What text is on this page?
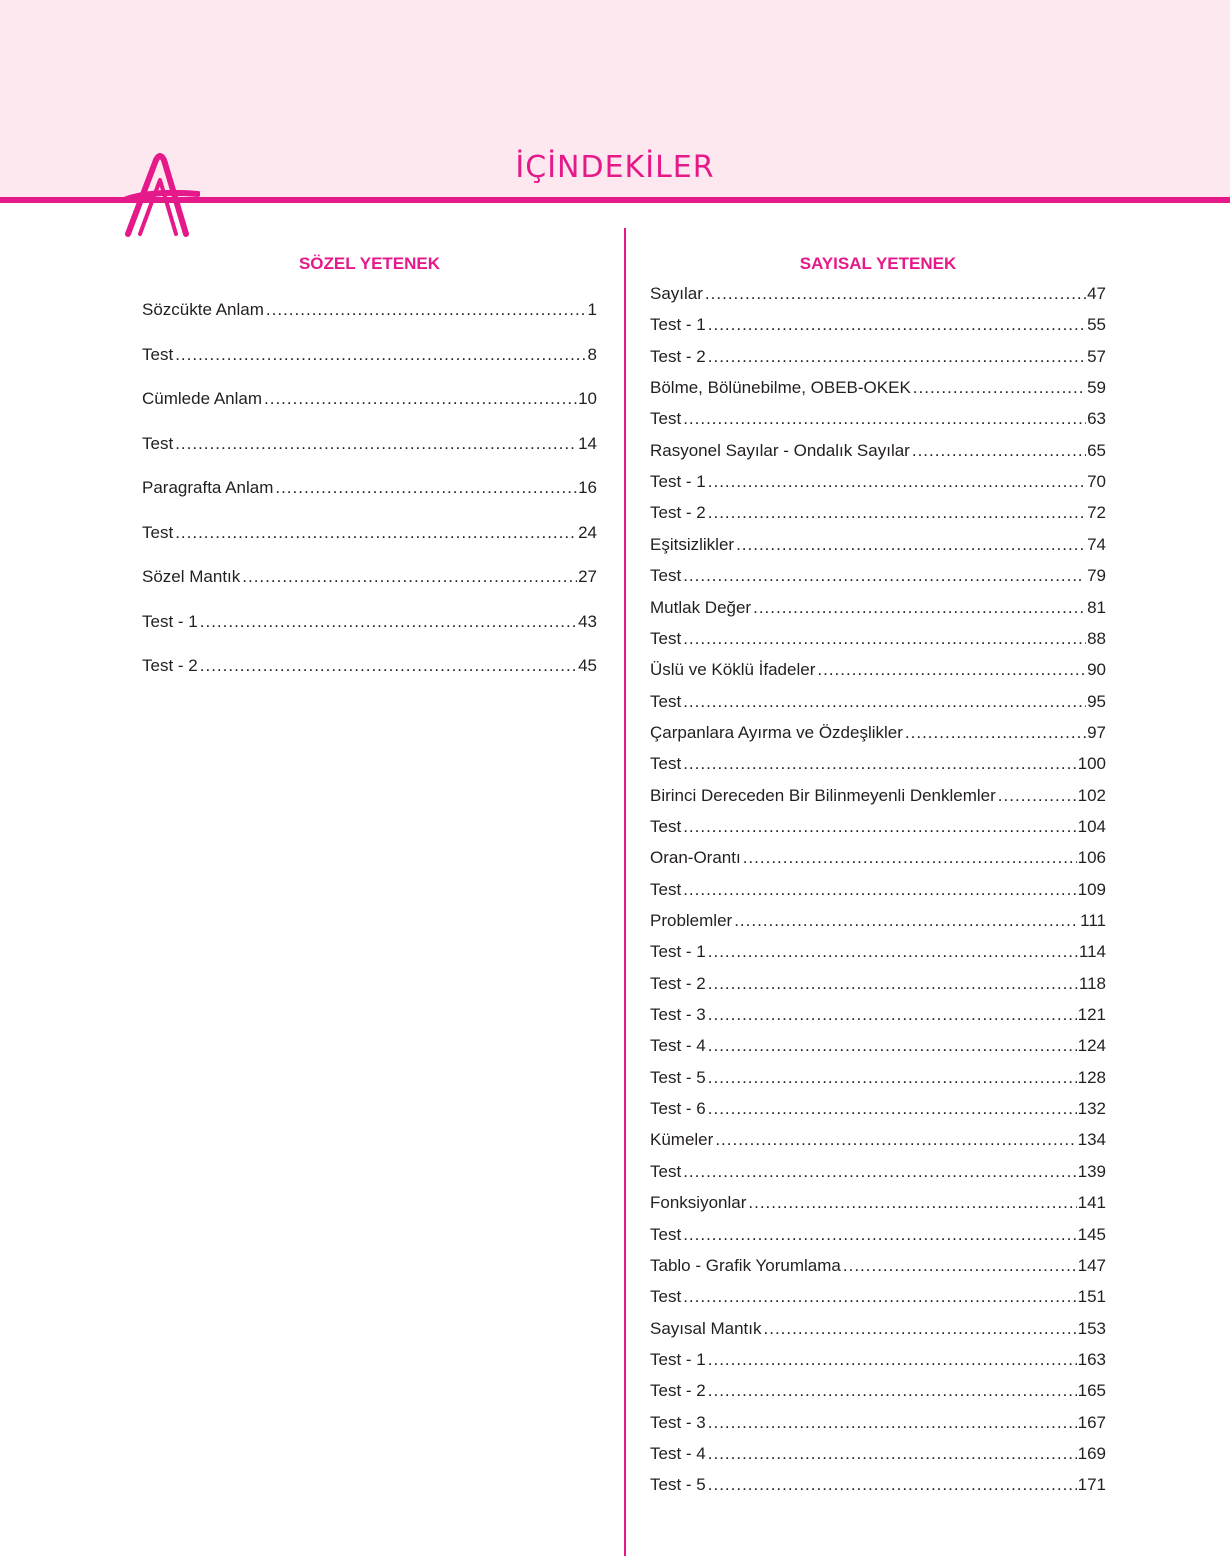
İÇİNDEKİLER
SÖZEL YETENEK	SAYISAL YETENEK
Sözcükte Anlam .....	1
Test .....	8
Cümlede Anlam .....	10
Test .....	14
Paragrafta Anlam .....	16
Test .....	24
Sözel Mantık .....	27
Test - 1 .....	43
Test - 2 .....	45
Sayılar .....	47
Test - 1 .....	55
Test - 2 .....	57
Bölme, Bölünebilme, OBEB-OKEK .....	59
Test .....	63
Rasyonel Sayılar - Ondalık Sayılar .....	65
Test - 1 .....	70
Test - 2 .....	72
Eşitsizlikler .....	74
Test .....	. 79
Mutlak Değer .....	81
Test .....	88
Üslü ve Köklü İfadeler .....	90
Test .....	95
Çarpanlara Ayırma ve Özdeşlikler .....	97
Test .....	100
Birinci Dereceden Bir Bilinmeyenli Denklemler .....	102
Test .....	104
Oran-Orantı .....	106
Test .....	109
Problemler .....	111
Test - 1 .....	114
Test - 2 .....	118
Test - 3 .....	121
Test - 4 .....	124
Test - 5 .....	128
Test - 6 .....	132
Kümeler .....	134
Test .....	139
Fonksiyonlar .....	141
Test .....	145
Tablo - Grafik Yorumlama .....	147
Test .....	151
Sayısal Mantık .....	153
Test - 1 .....	163
Test - 2 .....	165
Test - 3 .....	167
Test - 4 .....	169
Test - 5 .....	171
